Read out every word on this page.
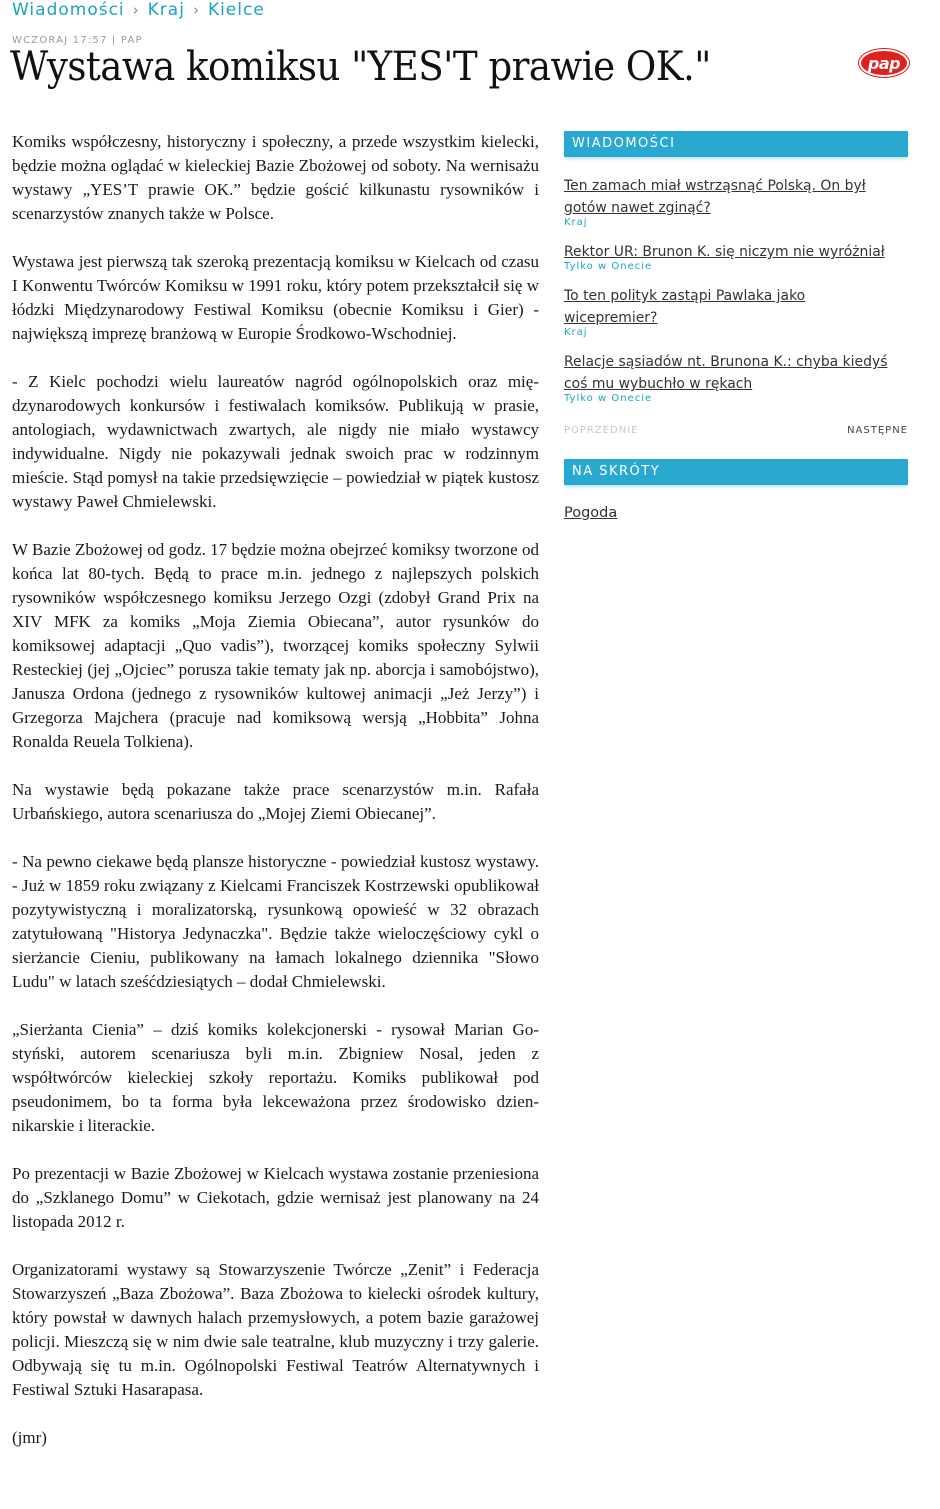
Wiadomości › Kraj › Kielce
WCZORAJ 17:57 | PAP
Wystawa komiksu "YES'T prawie OK."	pap

Komiks współczesny, historyczny i społeczny, a przede wszystkim kielecki, będzie można oglądać w kieleckiej Bazie Zbożowej od soboty. Na wernisażu wystawy „YES’T prawie OK.” będzie gościć kilkunastu rysowników i scenarzystów znanych także w Polsce.

Wystawa jest pierwszą tak szeroką prezentacją komiksu w Kielcach od czasu I Konwentu Twórców Komiksu w 1991 roku, który potem przekształcił się w łódzki Międzynarodowy Festiwal Komiksu (obecnie Komiksu i Gier) - największą imprezę branżową w Europie Środkowo-Wschodniej.

- Z Kielc pochodzi wielu laureatów nagród ogólnopolskich oraz międzynarodowych konkursów i festiwalach komiksów. Publikują w prasie, antologiach, wydawnictwach zwartych, ale nigdy nie miało wystawcy indywidualne. Nigdy nie pokazywali jednak swoich prac w rodzinnym mieście. Stąd pomysł na takie przedsięwzięcie – powiedział w piątek kustosz wystawy Paweł Chmielewski.

W Bazie Zbożowej od godz. 17 będzie można obejrzeć komiksy tworzone od końca lat 80-tych. Będą to prace m.in. jednego z najlepszych polskich rysowników współczesnego komiksu Jerzego Ozgi (zdobył Grand Prix na XIV MFK za komiks „Moja Ziemia Obiecana”, autor rysunków do komiksowej adaptacji „Quo vadis”), tworzącej komiks społeczny Sylwii Resteckiej (jej „Ojciec” porusza takie tematy jak np. aborcja i samobójstwo), Janusza Ordona (jednego z rysowników kultowej animacji „Jeż Jerzy”) i Grzegorza Majchera (pracuje nad komiksową wersją „Hobbita” Johna Ronalda Reuela Tolkiena).

Na wystawie będą pokazane także prace scenarzystów m.in. Rafała Urbańskiego, autora scenariusza do „Mojej Ziemi Obiecanej”.

- Na pewno ciekawe będą plansze historyczne - powiedział kustosz wystawy. - Już w 1859 roku związany z Kielcami Franciszek Kostrzewski opublikował pozytywistyczną i moralizatorską, rysunkową opowieść w 32 obrazach zatytułowaną "Historya Jedynaczka". Będzie także wieloczęściowy cykl o sierżancie Cieniu, publikowany na łamach lokalnego dziennika "Słowo Ludu" w latach sześćdziesiątych – dodał Chmielewski.

„Sierżanta Cienia” – dziś komiks kolekcjonerski - rysował Marian Gostyński, autorem scenariusza byli m.in. Zbigniew Nosal, jeden z współtwórców kieleckiej szkoły reportażu. Komiks publikował pod pseudonimem, bo ta forma była lekceważona przez środowisko dziennikarskie i literackie.

Po prezentacji w Bazie Zbożowej w Kielcach wystawa zostanie przeniesiona do „Szklanego Domu” w Ciekotach, gdzie wernisaż jest planowany na 24 listopada 2012 r.

Organizatorami wystawy są Stowarzyszenie Twórcze „Zenit” i Federacja Stowarzyszeń „Baza Zbożowa”. Baza Zbożowa to kielecki ośrodek kultury, który powstał w dawnych halach przemysłowych, a potem bazie garażowej policji. Mieszczą się w nim dwie sale teatralne, klub muzyczny i trzy galerie. Odbywają się tu m.in. Ogólnopolski Festiwal Teatrów Alternatywnych i Festiwal Sztuki Hasarapasa.

(jmr)

WIADOMOŚCI
Ten zamach miał wstrząsnąć Polską. On był gotów nawet zginąć?
Kraj
Rektor UR: Brunon K. się niczym nie wyróżniał
Tylko w Onecie
To ten polityk zastąpi Pawlaka jako wicepremier?
Kraj
Relacje sąsiadów nt. Brunona K.: chyba kiedyś coś mu wybuchło w rękach
Tylko w Onecie
POPRZEDNIE	NASTĘPNE
NA SKRÓTY
Pogoda
